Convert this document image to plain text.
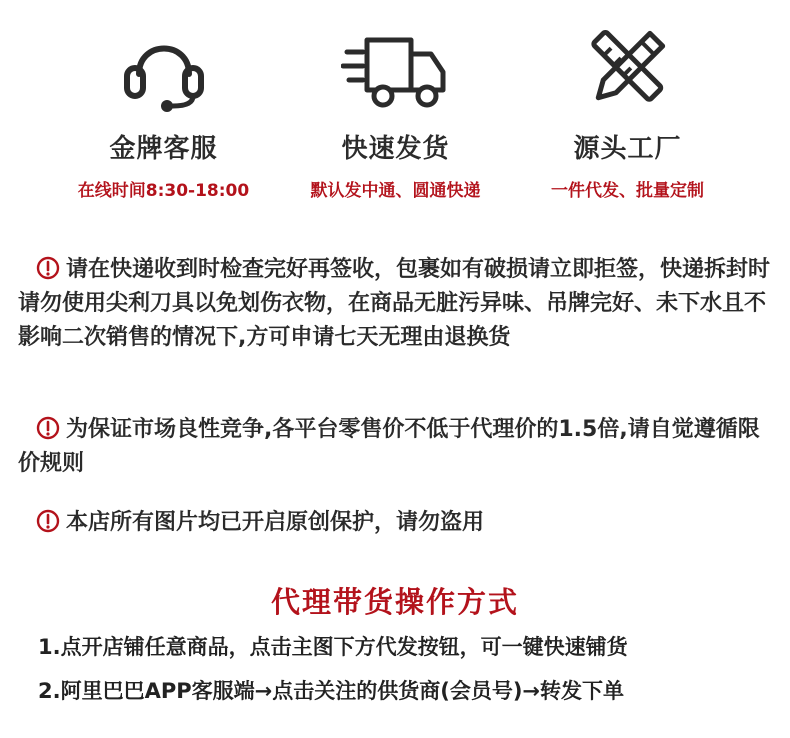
金牌客服
在线时间8:30-18:00
快速发货
默认发中通、圆通快递
源头工厂
一件代发、批量定制
请在快递收到时检查完好再签收，包裹如有破损请立即拒签，快递拆封时请勿使用尖利刀具以免划伤衣物，在商品无脏污异味、吊牌完好、未下水且不影响二次销售的情况下,方可申请七天无理由退换货
为保证市场良性竞争,各平台零售价不低于代理价的1.5倍,请自觉遵循限价规则
本店所有图片均已开启原创保护，请勿盗用
代理带货操作方式
1.点开店铺任意商品，点击主图下方代发按钮，可一键快速铺货
2.阿里巴巴APP客服端→点击关注的供货商(会员号)→转发下单
